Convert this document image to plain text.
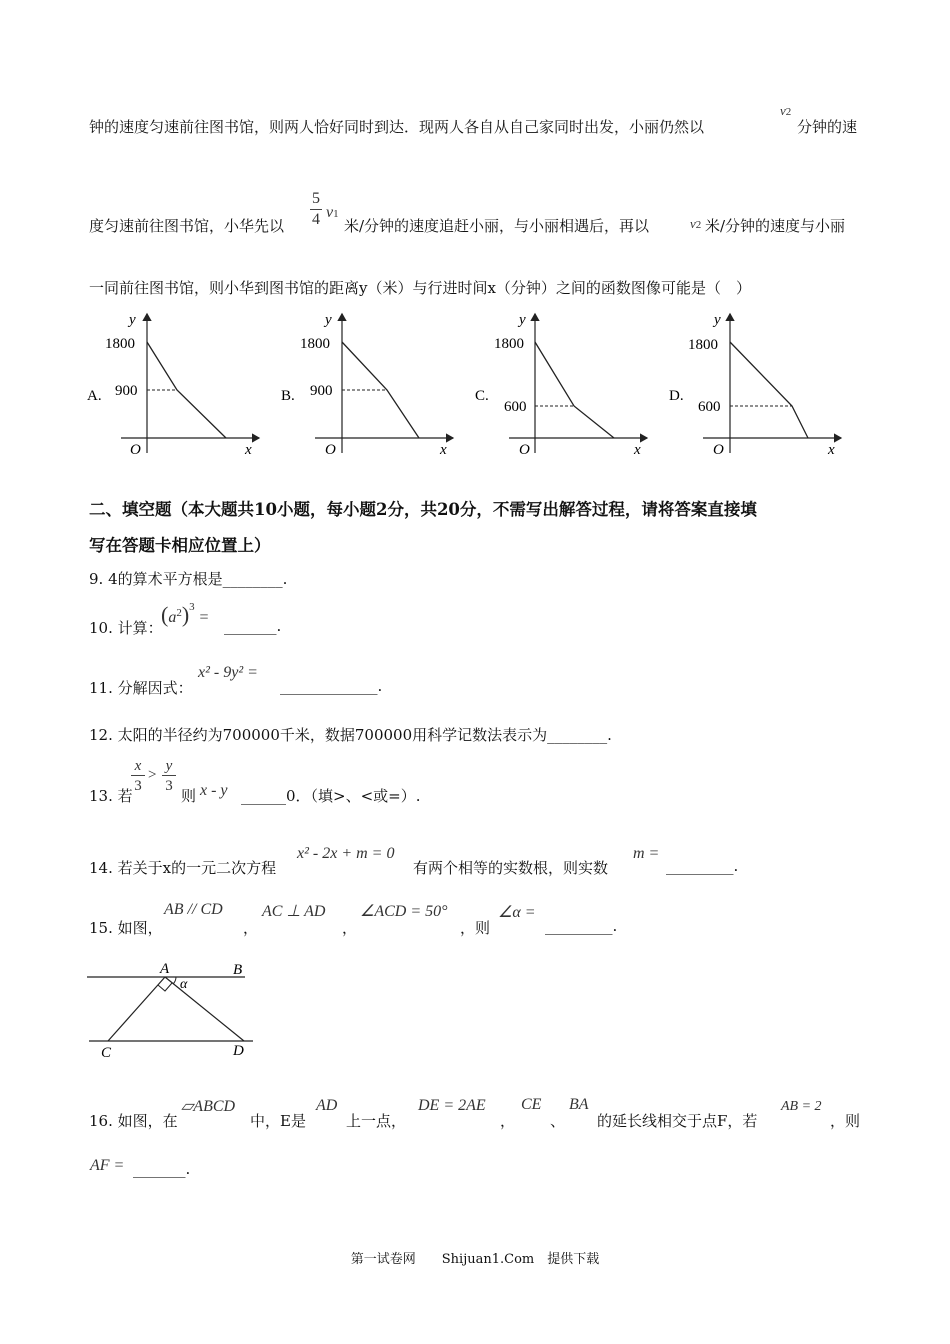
钟的速度匀速前往图书馆，则两人恰好同时到达．现两人各自从自己家同时出发，小丽仍然以
v2
分钟的速
度匀速前往图书馆，小华先以
5
4 v1
米/分钟的速度追赶小丽，与小丽相遇后，再以	v2 米/分钟的速度与小丽
一同前往图书馆，则小华到图书馆的距离y（米）与行进时间x（分钟）之间的函数图像可能是（　）
A.
y
x
O
1800
900	B.
y
x
O
1800
900	C.
y
x
O
1800
600
D.
y
x
O
1800
600
二、填空题（本大题共10小题，每小题2分，共20分，不需写出解答过程，请将答案直接填
写在答题卡相应位置上）
9. 4的算术平方根是________.
10. 计算：
$(a^2)^3$ = _______.
11. 分解因式：
x² - 9y² =
_____________.
12. 太阳的半径约为700000千米，数据700000用科学记数法表示为________.
13. 若
x
3
>
y
3
则 x - y ______0．（填>、<或=）.
14. 若关于x的一元二次方程
x² - 2x + m = 0
有两个相等的实数根，则实数
m =
_________.
15. 如图，
AB // CD
，
AC ⊥ AD
，
∠ACD = 50°
，则
∠α =
_________.
A	B
C	D
α
16. 如图，在
▱ABCD
中，E是
AD
上一点，
DE = 2AE
，
CE
、
BA
的延长线相交于点F，若
AB = 2
，则
AF = _______.
第一试卷网　　Shijuan1.Com　提供下载
